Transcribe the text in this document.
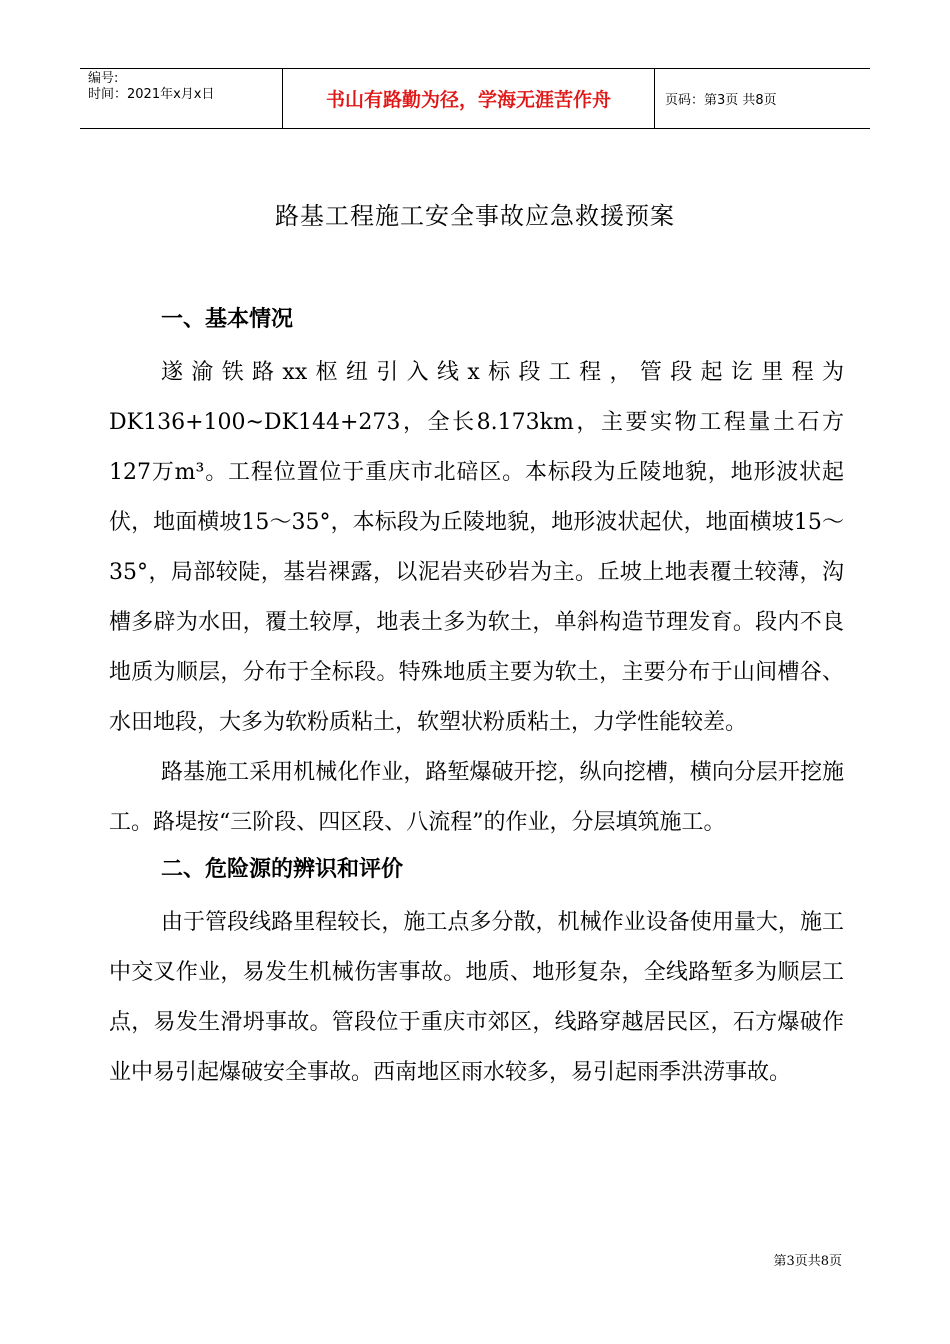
编号:
时间：2021年x月x日	书山有路勤为径，学海无涯苦作舟	页码：第3页 共8页
路基工程施工安全事故应急救援预案
一、基本情况

遂渝铁路xx枢纽引入线x标段工程，管段起讫里程为DK136+100~DK144+273，全长8.173km，主要实物工程量土石方127万m³。工程位置位于重庆市北碚区。本标段为丘陵地貌，地形波状起伏，地面横坡15～35°，本标段为丘陵地貌，地形波状起伏，地面横坡15～35°，局部较陡，基岩裸露，以泥岩夹砂岩为主。丘坡上地表覆土较薄，沟槽多辟为水田，覆土较厚，地表土多为软土，单斜构造节理发育。段内不良地质为顺层，分布于全标段。特殊地质主要为软土，主要分布于山间槽谷、水田地段，大多为软粉质粘土，软塑状粉质粘土，力学性能较差。

路基施工采用机械化作业，路堑爆破开挖，纵向挖槽，横向分层开挖施工。路堤按“三阶段、四区段、八流程”的作业，分层填筑施工。

二、危险源的辨识和评价

由于管段线路里程较长，施工点多分散，机械作业设备使用量大，施工中交叉作业，易发生机械伤害事故。地质、地形复杂，全线路堑多为顺层工点，易发生滑坍事故。管段位于重庆市郊区，线路穿越居民区，石方爆破作业中易引起爆破安全事故。西南地区雨水较多，易引起雨季洪涝事故。

第3页共8页
